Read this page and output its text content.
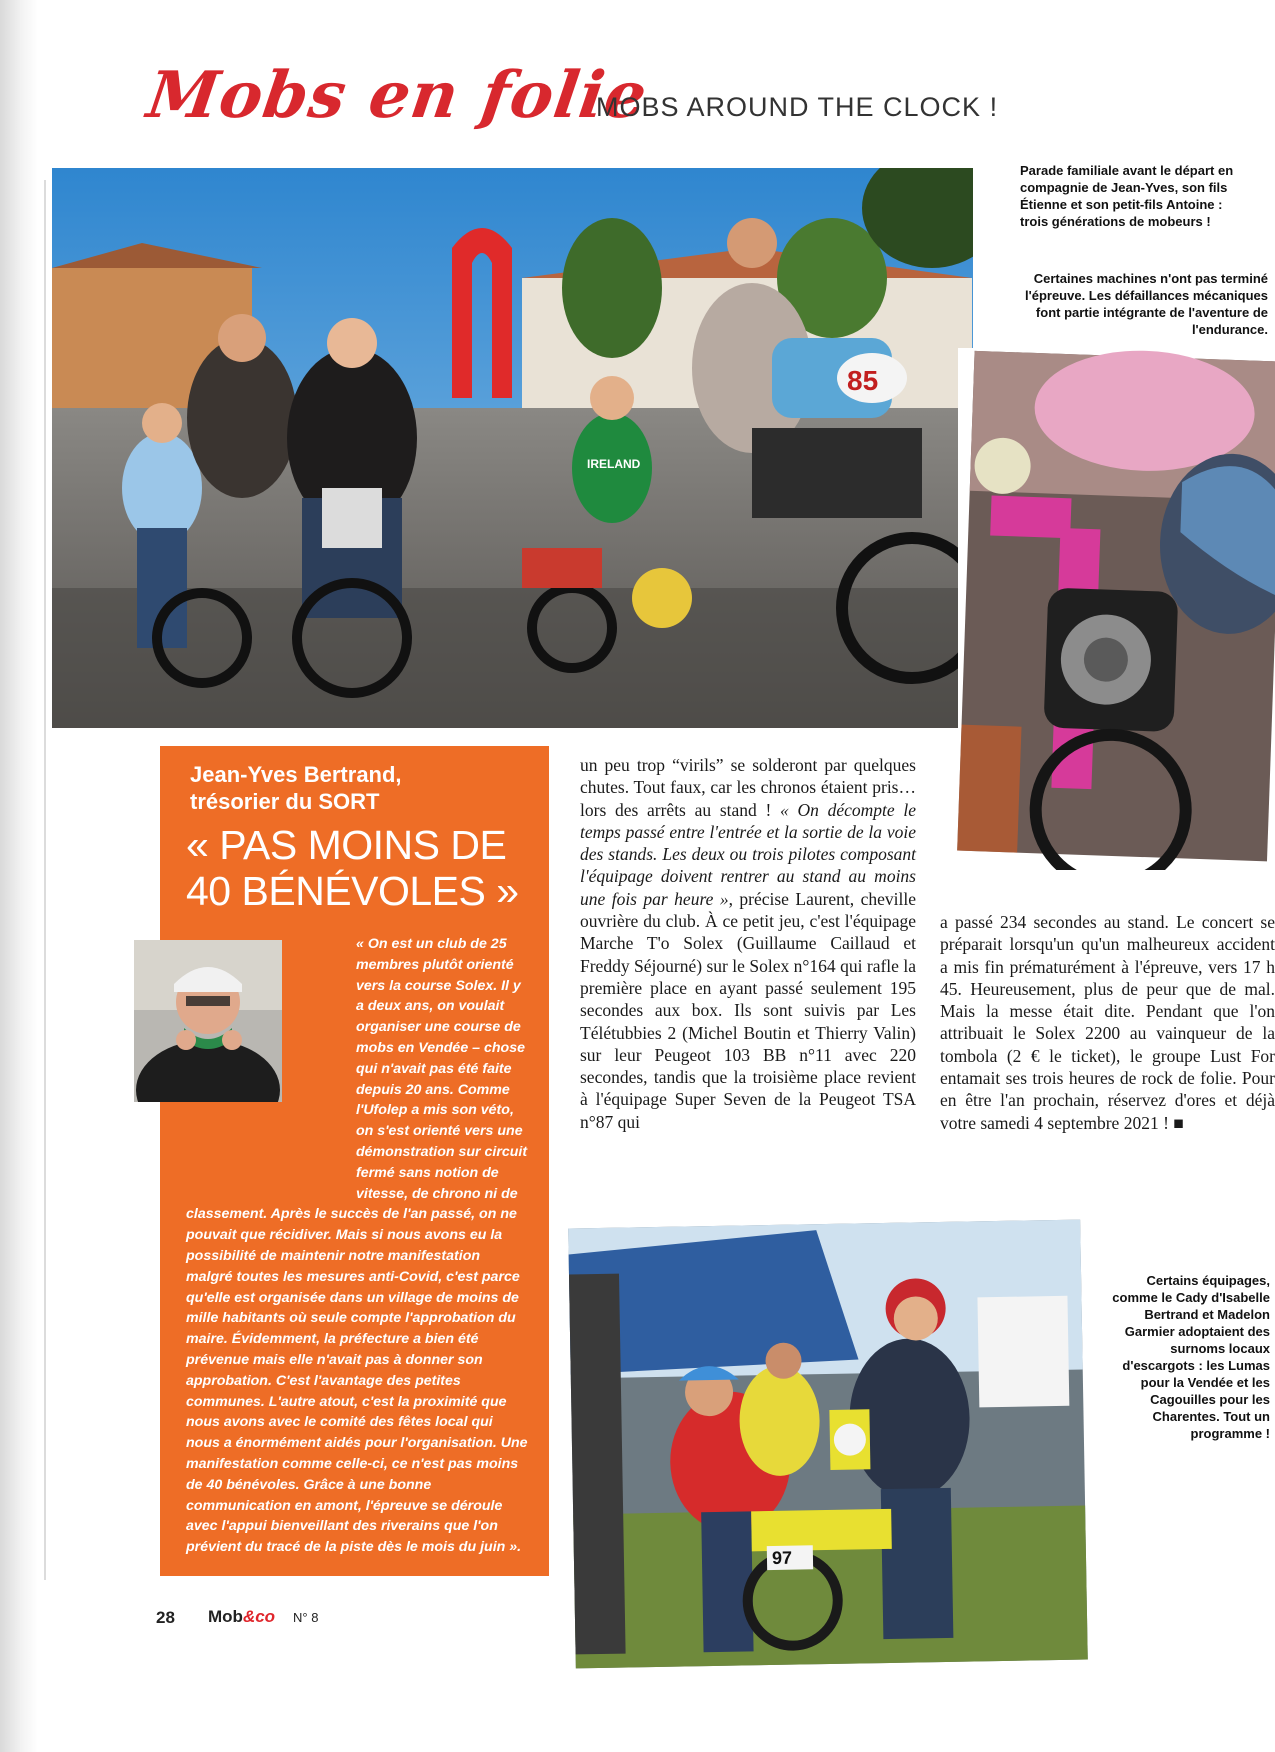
Mobs en folie
MOBS AROUND THE CLOCK !
IRELAND
85
Parade familiale avant le départ en compagnie de Jean-Yves, son fils Étienne et son petit-fils Antoine : trois générations de mobeurs !
Certaines machines n'ont pas terminé l'épreuve. Les défaillances mécaniques font partie intégrante de l'aventure de l'endurance.
Jean-Yves Bertrand,
trésorier du SORT
« PAS MOINS DE
40 BÉNÉVOLES »
« On est un club de 25 membres plutôt orienté vers la course Solex. Il y a deux ans, on voulait organiser une course de mobs en Vendée – chose qui n'avait pas été faite depuis 20 ans. Comme l'Ufolep a mis son véto, on s'est orienté vers une démonstration sur circuit fermé sans notion de vitesse, de chrono ni de classement. Après le succès de l'an passé, on ne pouvait que récidiver. Mais si nous avons eu la possibilité de maintenir notre manifestation malgré toutes les mesures anti-Covid, c'est parce qu'elle est organisée dans un village de moins de mille habitants où seule compte l'approbation du maire. Évidemment, la préfecture a bien été prévenue mais elle n'avait pas à donner son approbation. C'est l'avantage des petites communes. L'autre atout, c'est la proximité que nous avons avec le comité des fêtes local qui nous a énormément aidés pour l'organisation. Une manifestation comme celle-ci, ce n'est pas moins de 40 bénévoles. Grâce à une bonne communication en amont, l'épreuve se déroule avec l'appui bienveillant des riverains que l'on prévient du tracé de la piste dès le mois du juin ».

un peu trop “virils” se solderont par quelques chutes. Tout faux, car les chronos étaient pris… lors des arrêts au stand ! « On décompte le temps passé entre l'entrée et la sortie de la voie des stands. Les deux ou trois pilotes composant l'équipage doivent rentrer au stand au moins une fois par heure », précise Laurent, cheville ouvrière du club. À ce petit jeu, c'est l'équipage Marche T'o Solex (Guillaume Caillaud et Freddy Séjourné) sur le Solex n°164 qui rafle la première place en ayant passé seulement 195 secondes aux box. Ils sont suivis par Les Télétubbies 2 (Michel Boutin et Thierry Valin) sur leur Peugeot 103 BB n°11 avec 220 secondes, tandis que la troisième place revient à l'équipage Super Seven de la Peugeot TSA n°87 qui

a passé 234 secondes au stand. Le concert se préparait lorsqu'un qu'un malheureux accident a mis fin prématurément à l'épreuve, vers 17 h 45. Heureusement, plus de peur que de mal. Mais la messe était dite. Pendant que l'on attribuait le Solex 2200 au vainqueur de la tombola (2 € le ticket), le groupe Lust For entamait ses trois heures de rock de folie. Pour en être l'an prochain, réservez d'ores et déjà votre samedi 4 septembre 2021 ! ■

97
Certains équipages, comme le Cady d'Isabelle Bertrand et Madelon Garmier adoptaient des surnoms locaux d'escargots : les Lumas pour la Vendée et les Cagouilles pour les Charentes. Tout un programme !
28 Mob&co N° 8
